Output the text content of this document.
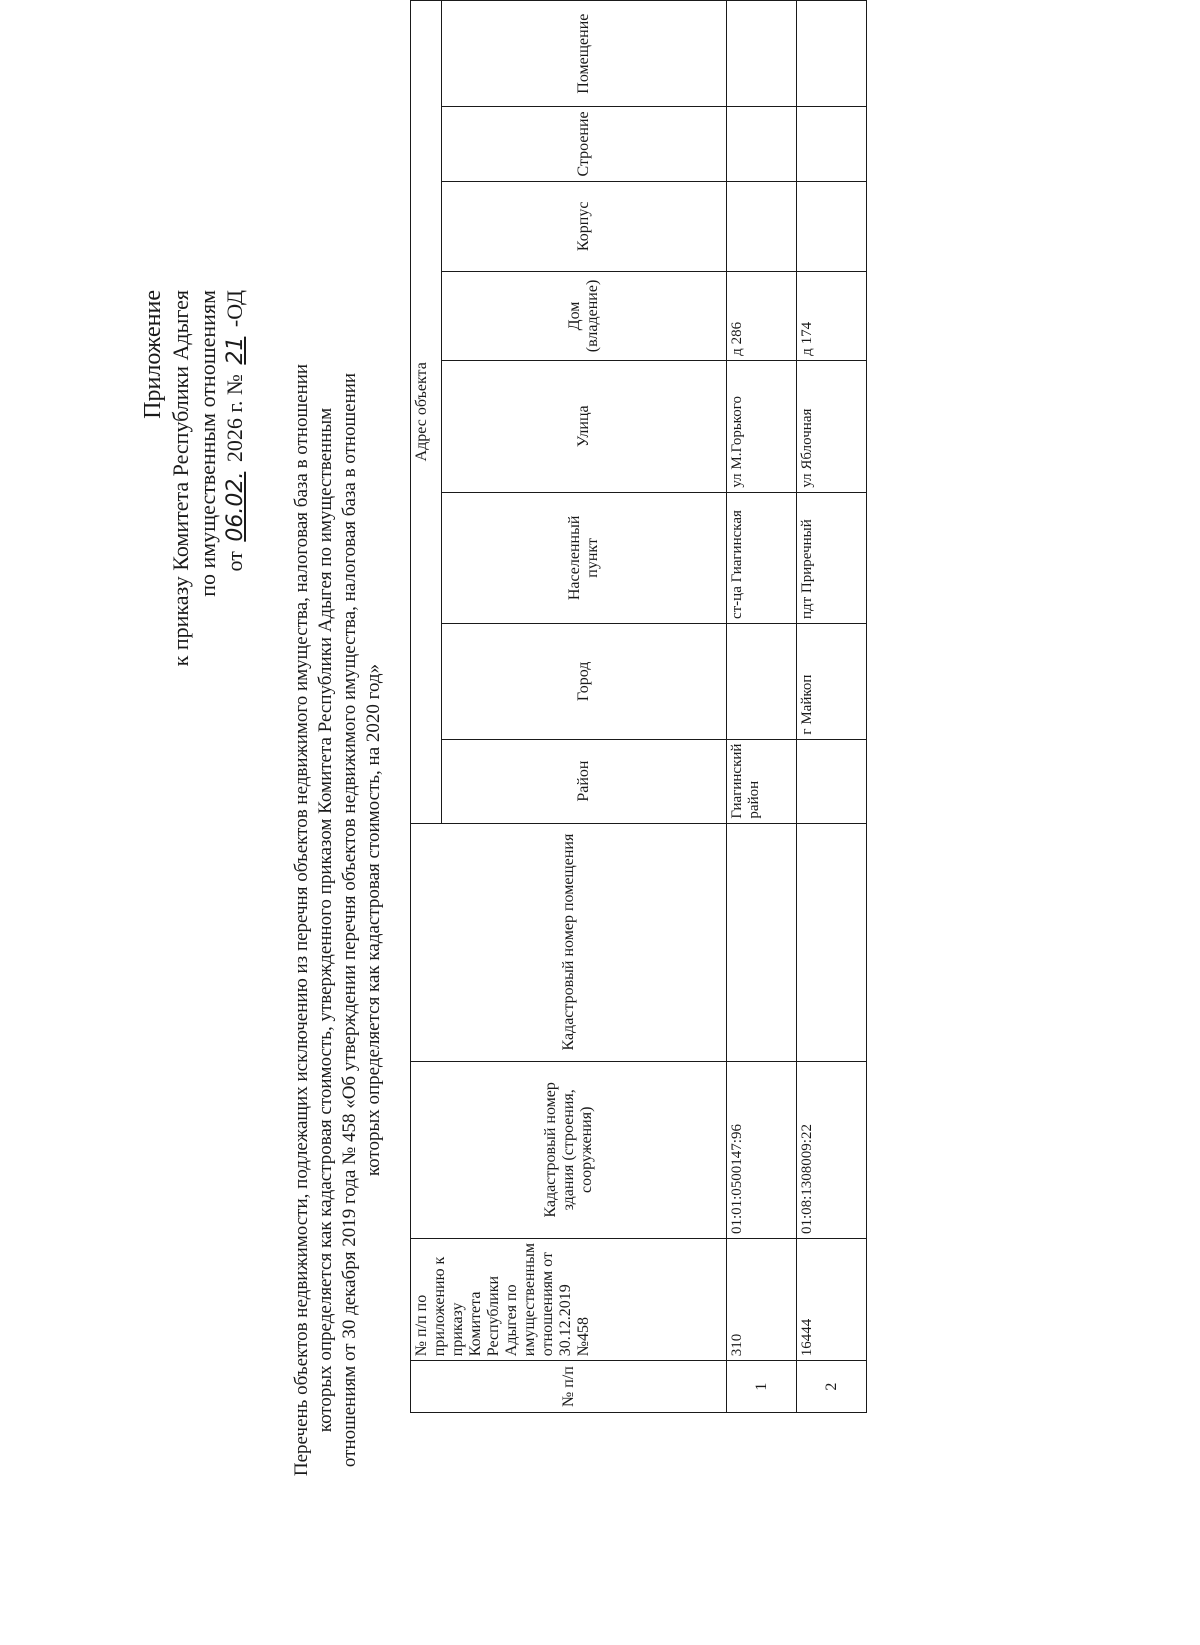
Приложение к приказу Комитета Республики Адыгея по имущественным отношениям от 06.02. 2026 г. № 21 -ОД
Перечень объектов недвижимости, подлежащих исключению из перечня объектов недвижимого имущества, налоговая база в отношении которых определяется как кадастровая стоимость, утвержденного приказом Комитета Республики Адыгея по имущественным отношениям от 30 декабря 2019 года № 458 «Об утверждении перечня объектов недвижимого имущества, налоговая база в отношении которых определяется как кадастровая стоимость, на 2020 год»
№ п/п	№ п/п по приложению к приказу Комитета Республики Адыгея по имущественным отношениям от 30.12.2019 №458	Кадастровый номер здания (строения, сооружения)	Кадастровый номер помещения	Адрес объекта							
				Район	Город	Населенный пункт	Улица	Дом (владение)	Корпус	Строение	Помещение
1	310	01:01:0500147:96		Гиагинский район		ст-ца Гиагинская	ул М.Горького	д 286			
2	16444	01:08:1308009:22			г Майкоп	пдт Приречный	ул Яблочная	д 174			
